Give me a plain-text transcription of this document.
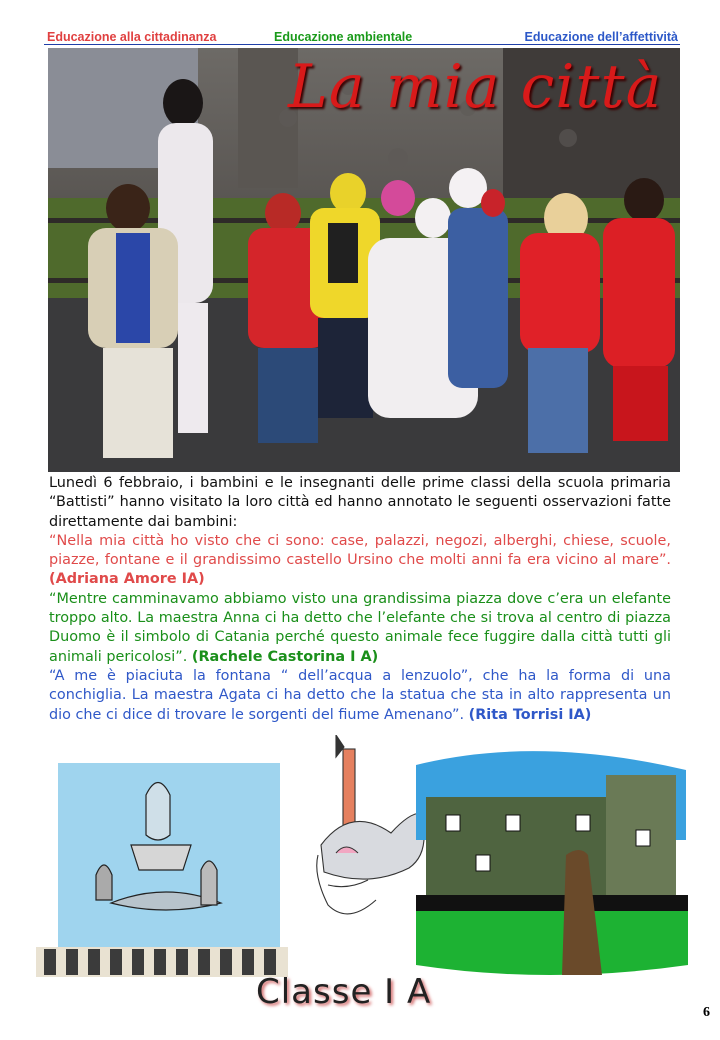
Educazione alla cittadinanza	Educazione ambientale	Educazione dell’affettività
La mia città

Lunedì 6 febbraio, i bambini e le insegnanti delle prime classi della scuola primaria “Battisti” hanno visitato la loro città ed hanno annotato le seguenti osservazioni fatte direttamente dai bambini:

“Nella mia città ho visto che ci sono: case, palazzi, negozi, alberghi, chiese, scuole, piazze, fontane e il grandissimo castello Ursino che molti anni fa era vicino al mare”. (Adriana Amore IA)

“Mentre camminavamo abbiamo visto una grandissima piazza dove c’era un elefante troppo alto. La maestra Anna ci ha detto che l’elefante che si trova al centro di piazza Duomo è il simbolo di Catania perché questo animale fece fuggire dalla città tutti gli animali pericolosi”. (Rachele Castorina I A)

“A me è piaciuta la fontana “ dell’acqua a lenzuolo”, che ha la forma di una conchiglia. La maestra Agata ci ha detto che la statua che sta in alto rappresenta un dio che ci dice di trovare le sorgenti del fiume Amenano”. (Rita Torrisi IA)

Classe I A
6
